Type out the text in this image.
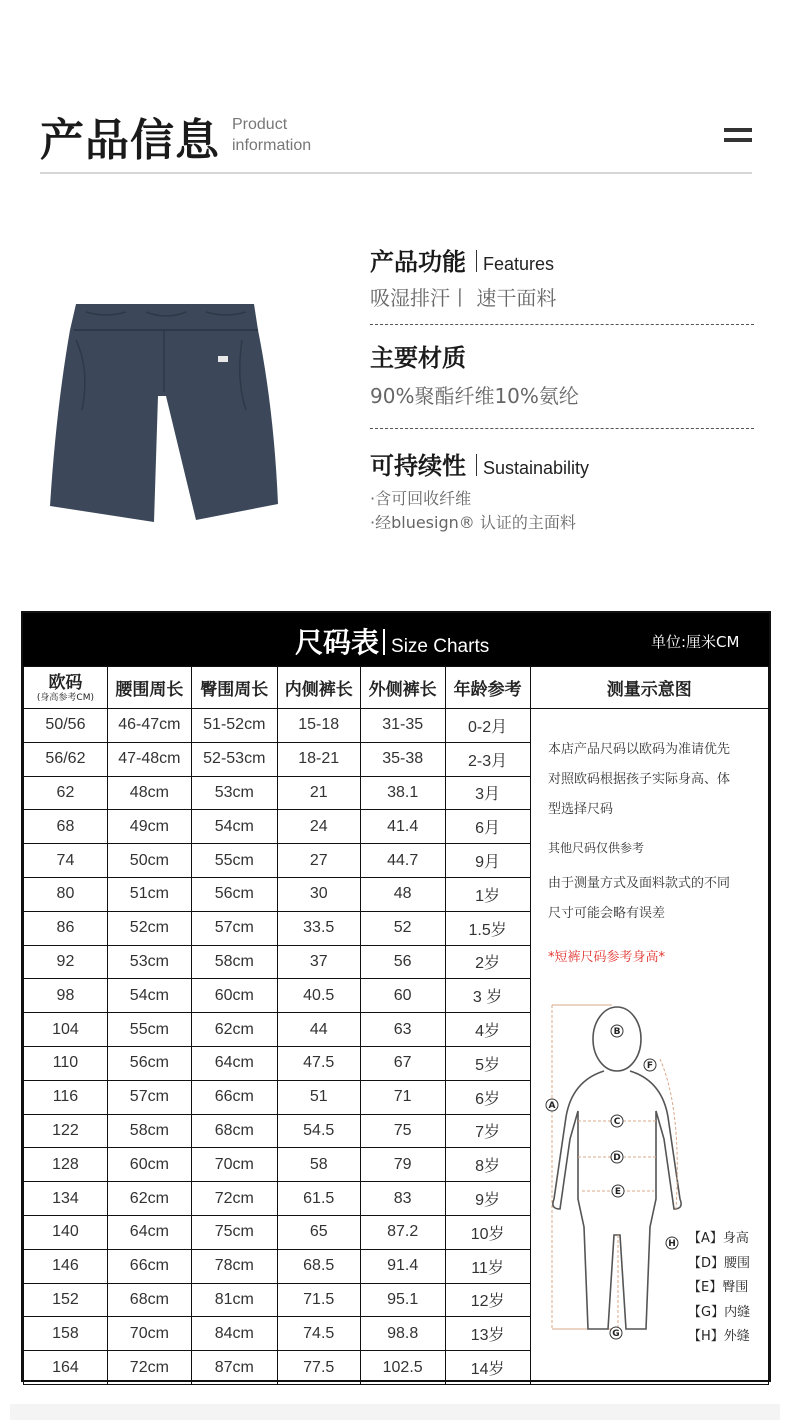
产品信息 Product
information
产品功能 Features
吸湿排汗丨 速干面料
主要材质
90%聚酯纤维10%氨纶
可持续性 Sustainability
·含可回收纤维
·经bluesign® 认证的主面料
尺码表 Size Charts	单位:厘米CM
欧码
(身高参考CM)	腰围周长	臀围周长	内侧裤长	外侧裤长	年龄参考	测量示意图
50/56	46-47cm	51-52cm	15-18	31-35	0-2月	
56/62	47-48cm	52-53cm	18-21	35-38	2-3月	
62	48cm	53cm	21	38.1	3月	
68	49cm	54cm	24	41.4	6月	
74	50cm	55cm	27	44.7	9月	
80	51cm	56cm	30	48	1岁	
86	52cm	57cm	33.5	52	1.5岁	
92	53cm	58cm	37	56	2岁	
98	54cm	60cm	40.5	60	3 岁	
104	55cm	62cm	44	63	4岁	
110	56cm	64cm	47.5	67	5岁	
116	57cm	66cm	51	71	6岁	
122	58cm	68cm	54.5	75	7岁	
128	60cm	70cm	58	79	8岁	
134	62cm	72cm	61.5	83	9岁	
140	64cm	75cm	65	87.2	10岁	
146	66cm	78cm	68.5	91.4	11岁	
152	68cm	81cm	71.5	95.1	12岁	
158	70cm	84cm	74.5	98.8	13岁	
164	72cm	87cm	77.5	102.5	14岁	
本店产品尺码以欧码为准请优先
对照欧码根据孩子实际身高、体
型选择尺码
其他尺码仅供参考
由于测量方式及面料款式的不同
尺寸可能会略有误差
*短裤尺码参考身高*
A
B
C
D
E
F
G
H 【A】身高
【D】腰围
【E】臀围
【G】内缝
【H】外缝
